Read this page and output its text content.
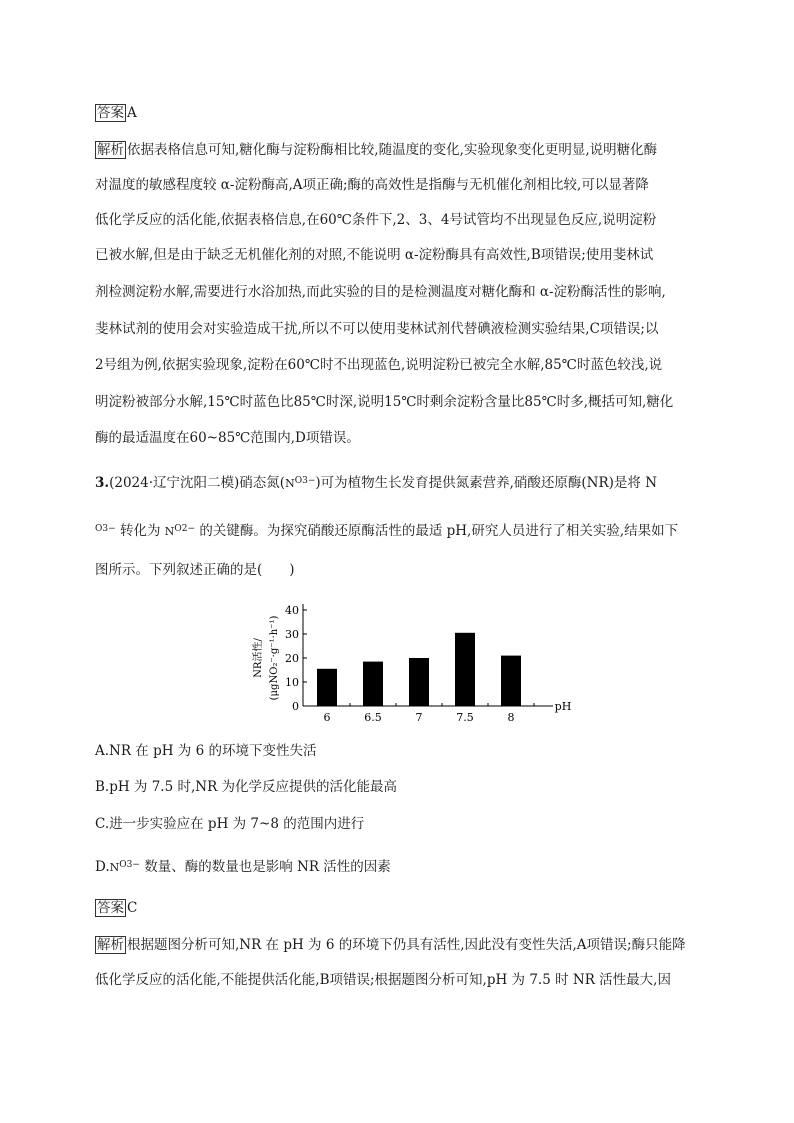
答案 A
解析 依据表格信息可知,糖化酶与淀粉酶相比较,随温度的变化,实验现象变化更明显,说明糖化酶
对温度的敏感程度较 α-淀粉酶高,A项正确;酶的高效性是指酶与无机催化剂相比较,可以显著降
低化学反应的活化能,依据表格信息,在60℃条件下,2、3、4号试管均不出现显色反应,说明淀粉
已被水解,但是由于缺乏无机催化剂的对照,不能说明 α-淀粉酶具有高效性,B项错误;使用斐林试
剂检测淀粉水解,需要进行水浴加热,而此实验的目的是检测温度对糖化酶和 α-淀粉酶活性的影响,
斐林试剂的使用会对实验造成干扰,所以不可以使用斐林试剂代替碘液检测实验结果,C项错误;以
2号组为例,依据实验现象,淀粉在60℃时不出现蓝色,说明淀粉已被完全水解,85℃时蓝色较浅,说
明淀粉被部分水解,15℃时蓝色比85℃时深,说明15℃时剩余淀粉含量比85℃时多,概括可知,糖化
酶的最适温度在60~85℃范围内,D项错误。
3.(2024·辽宁沈阳二模)硝态氮$(N^{O3-})$可为植物生长发育提供氮素营养,硝酸还原酶(NR)是将 N
$^{O3-}$ 转化为 $N^{O2-}$ 的关键酶。为探究硝酸还原酶活性的最适 pH,研究人员进行了相关实验,结果如下
图所示。下列叙述正确的是(　　)
0
10
20
30
40
6	6.5	7	7.5	8
pH
NR活性/ (μgNO₂⁻·g⁻¹·h⁻¹)
A.NR 在 pH 为 6 的环境下变性失活
B.pH 为 7.5 时,NR 为化学反应提供的活化能最高
C.进一步实验应在 pH 为 7~8 的范围内进行
$D.N^{O3-}$ 数量、酶的数量也是影响 NR 活性的因素
答案 C
解析 根据题图分析可知,NR 在 pH 为 6 的环境下仍具有活性,因此没有变性失活,A项错误;酶只能降
低化学反应的活化能,不能提供活化能,B项错误;根据题图分析可知,pH 为 7.5 时 NR 活性最大,因
